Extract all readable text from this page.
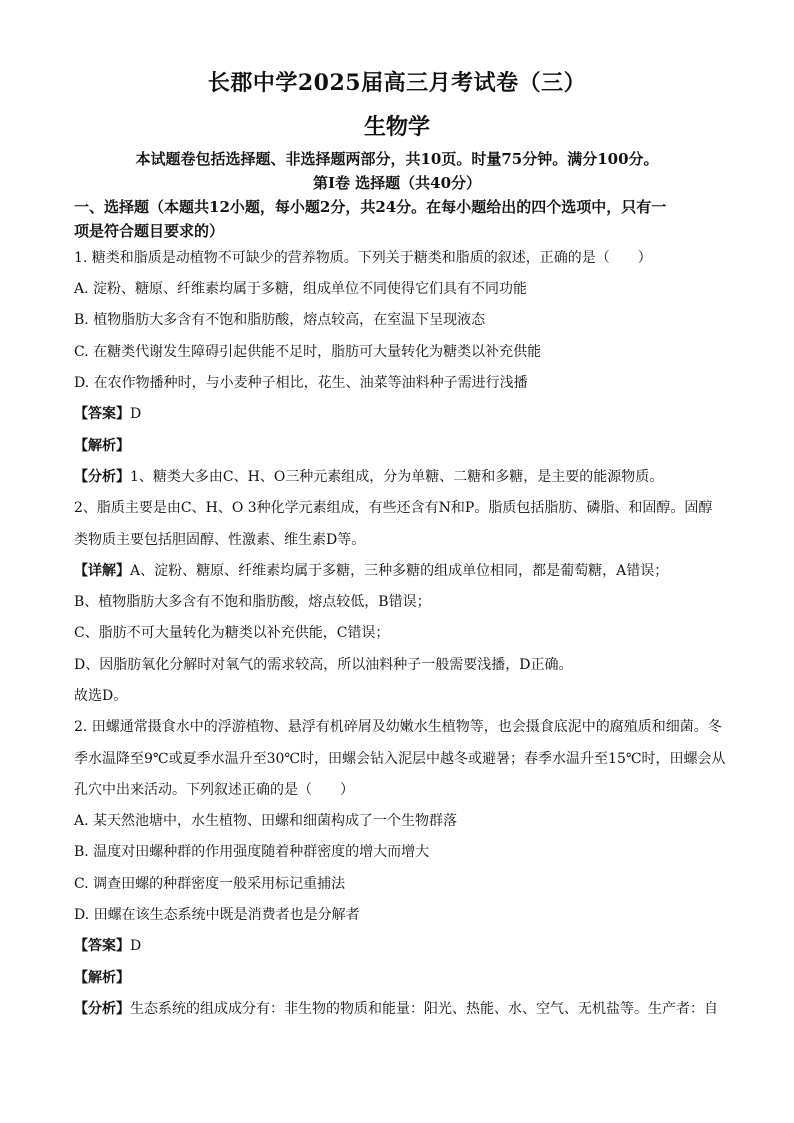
长郡中学2025届高三月考试卷（三）
生物学
本试题卷包括选择题、非选择题两部分，共10页。时量75分钟。满分100分。
第Ⅰ卷 选择题（共40分）
一、选择题（本题共12小题，每小题2分，共24分。在每小题给出的四个选项中，只有一
项是符合题目要求的）
1. 糖类和脂质是动植物不可缺少的营养物质。下列关于糖类和脂质的叙述，正确的是（　　）
A. 淀粉、糖原、纤维素均属于多糖，组成单位不同使得它们具有不同功能
B. 植物脂肪大多含有不饱和脂肪酸，熔点较高，在室温下呈现液态
C. 在糖类代谢发生障碍引起供能不足时，脂肪可大量转化为糖类以补充供能
D. 在农作物播种时，与小麦种子相比，花生、油菜等油料种子需进行浅播
【答案】D
【解析】
【分析】1、糖类大多由C、H、O三种元素组成，分为单糖、二糖和多糖，是主要的能源物质。
2、脂质主要是由C、H、O 3种化学元素组成，有些还含有N和P。脂质包括脂肪、磷脂、和固醇。固醇
类物质主要包括胆固醇、性激素、维生素D等。
【详解】A、淀粉、糖原、纤维素均属于多糖，三种多糖的组成单位相同，都是葡萄糖，A错误；
B、植物脂肪大多含有不饱和脂肪酸，熔点较低，B错误；
C、脂肪不可大量转化为糖类以补充供能，C错误；
D、因脂肪氧化分解时对氧气的需求较高，所以油料种子一般需要浅播，D正确。
故选D。
2. 田螺通常摄食水中的浮游植物、悬浮有机碎屑及幼嫩水生植物等，也会摄食底泥中的腐殖质和细菌。冬
季水温降至9℃或夏季水温升至30℃时，田螺会钻入泥层中越冬或避暑；春季水温升至15℃时，田螺会从
孔穴中出来活动。下列叙述正确的是（　　）
A. 某天然池塘中，水生植物、田螺和细菌构成了一个生物群落
B. 温度对田螺种群的作用强度随着种群密度的增大而增大
C. 调查田螺的种群密度一般采用标记重捕法
D. 田螺在该生态系统中既是消费者也是分解者
【答案】D
【解析】
【分析】生态系统的组成成分有：非生物的物质和能量：阳光、热能、水、空气、无机盐等。生产者：自
